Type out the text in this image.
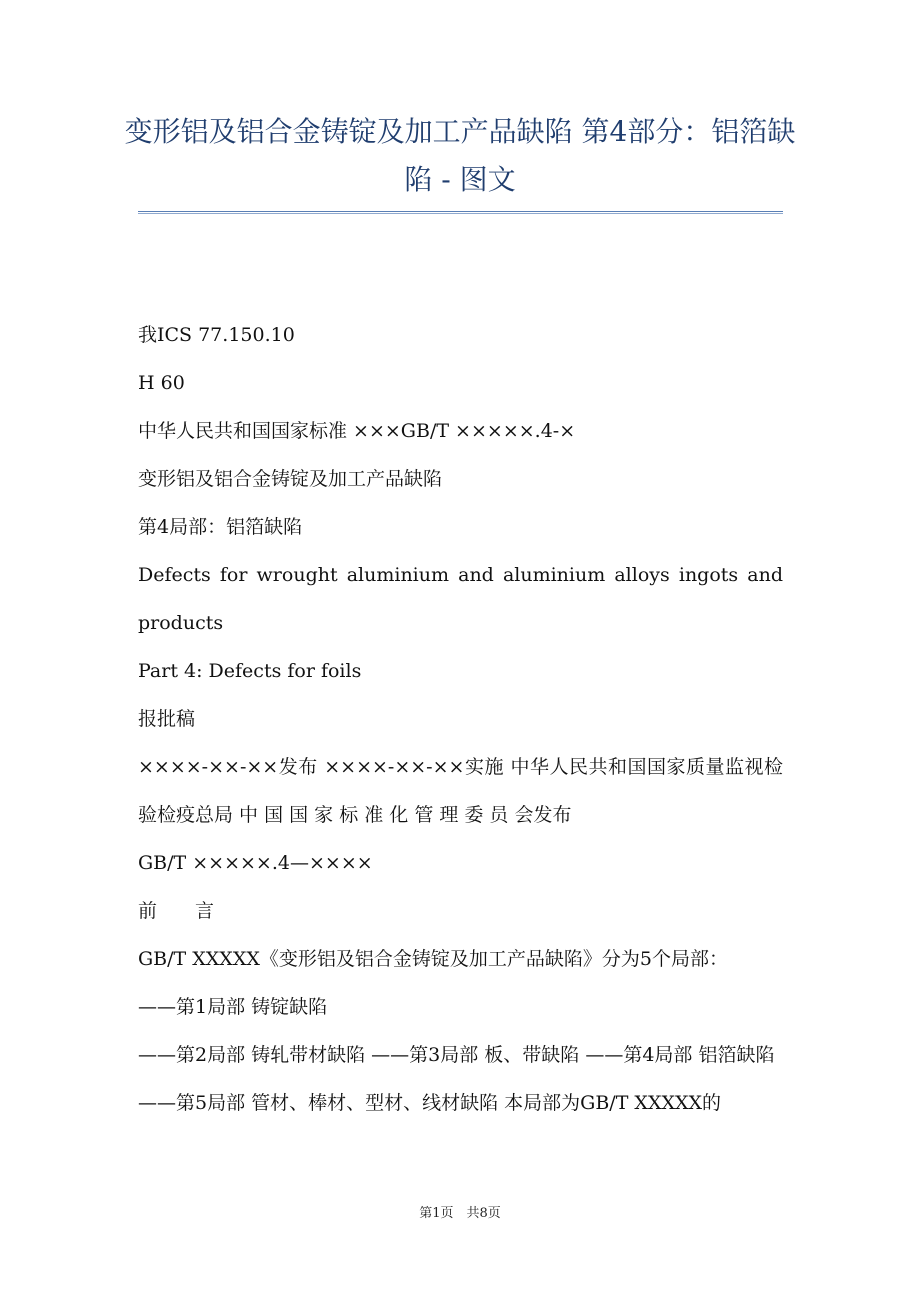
变形铝及铝合金铸锭及加工产品缺陷 第4部分：铝箔缺陷 - 图文

我ICS 77.150.10

H 60

中华人民共和国国家标准 ×××GB/T ×××××.4-×

变形铝及铝合金铸锭及加工产品缺陷

第4局部：铝箔缺陷

Defects for wrought aluminium and aluminium alloys ingots and products

Part 4: Defects for foils

报批稿

××××-××-××发布 ××××-××-××实施 中华人民共和国国家质量监视检验检疫总局 中 国 国 家 标 准 化 管 理 委 员 会发布

GB/T ×××××.4—××××

前　　言

GB/T XXXXX《变形铝及铝合金铸锭及加工产品缺陷》分为5个局部：

——第1局部 铸锭缺陷

——第2局部 铸轧带材缺陷 ——第3局部 板、带缺陷 ——第4局部 铝箔缺陷

——第5局部 管材、棒材、型材、线材缺陷 本局部为GB/T XXXXX的

第1页　共8页
